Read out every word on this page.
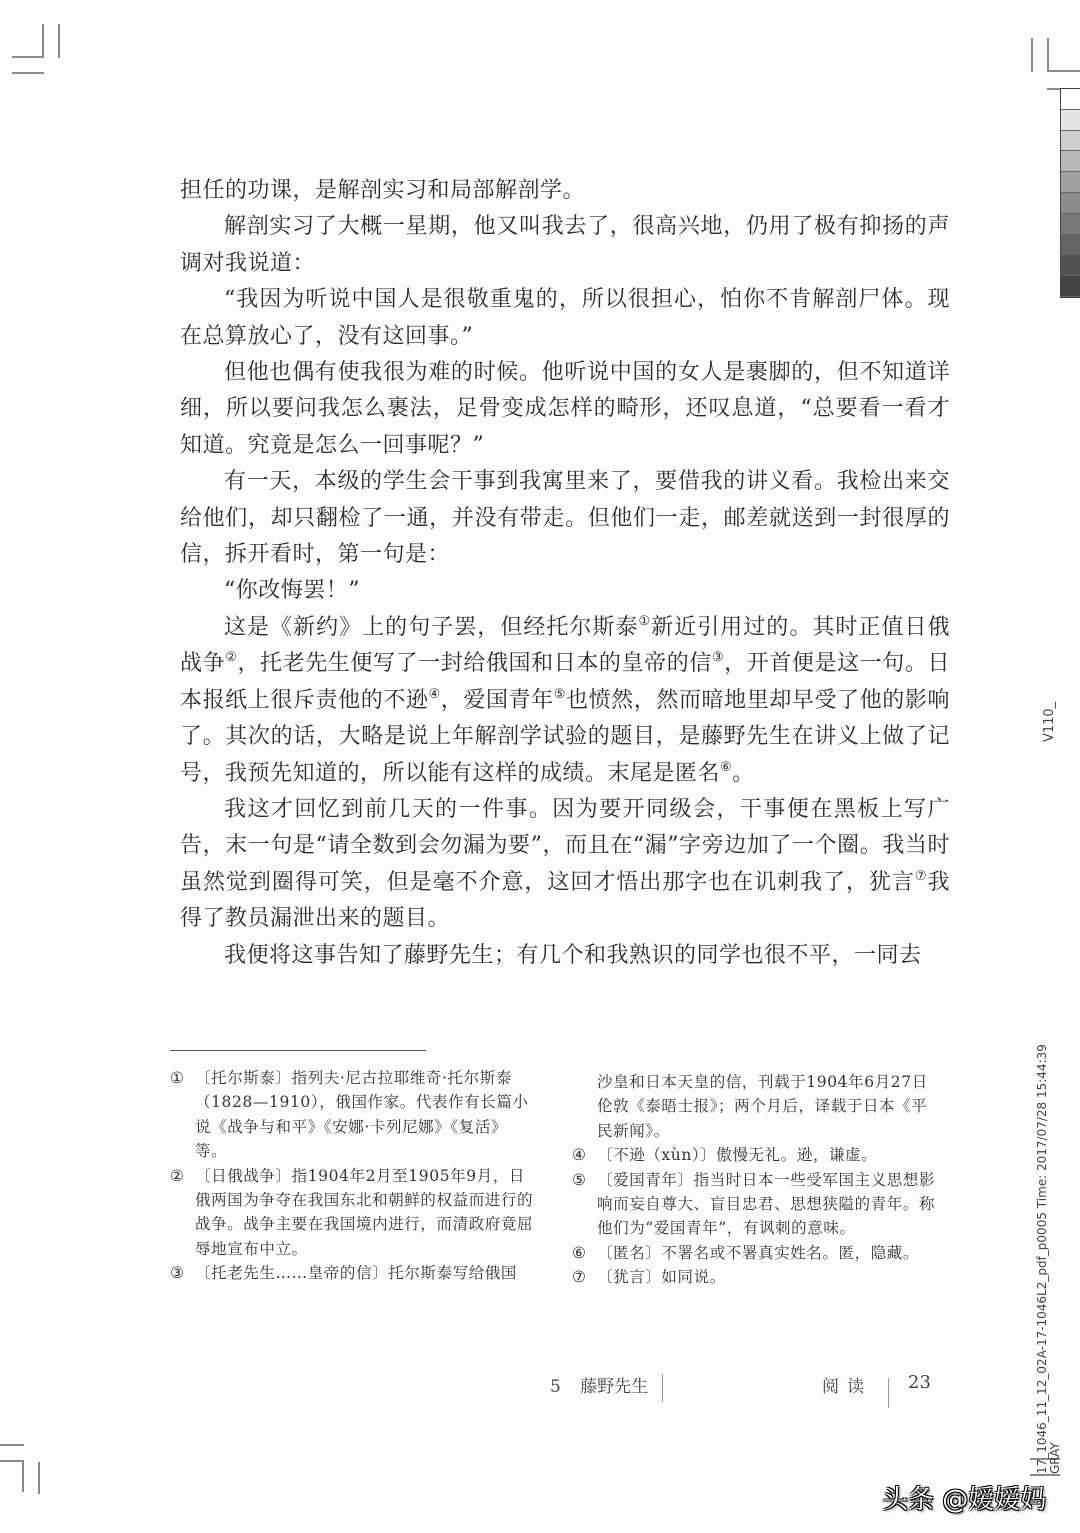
担任的功课，是解剖实习和局部解剖学。

解剖实习了大概一星期，他又叫我去了，很高兴地，仍用了极有抑扬的声调对我说道：

“我因为听说中国人是很敬重鬼的，所以很担心，怕你不肯解剖尸体。现在总算放心了，没有这回事。”

但他也偶有使我很为难的时候。他听说中国的女人是裹脚的，但不知道详细，所以要问我怎么裹法，足骨变成怎样的畸形，还叹息道，“总要看一看才知道。究竟是怎么一回事呢？”

有一天，本级的学生会干事到我寓里来了，要借我的讲义看。我检出来交给他们，却只翻检了一通，并没有带走。但他们一走，邮差就送到一封很厚的信，拆开看时，第一句是：

“你改悔罢！”

这是《新约》上的句子罢，但经托尔斯泰①新近引用过的。其时正值日俄战争②，托老先生便写了一封给俄国和日本的皇帝的信③，开首便是这一句。日本报纸上很斥责他的不逊④，爱国青年⑤也愤然，然而暗地里却早受了他的影响了。其次的话，大略是说上年解剖学试验的题目，是藤野先生在讲义上做了记号，我预先知道的，所以能有这样的成绩。末尾是匿名⑥。

我这才回忆到前几天的一件事。因为要开同级会，干事便在黑板上写广告，末一句是“请全数到会勿漏为要”，而且在“漏”字旁边加了一个圈。我当时虽然觉到圈得可笑，但是毫不介意，这回才悟出那字也在讥刺我了，犹言⑦我得了教员漏泄出来的题目。

我便将这事告知了藤野先生；有几个和我熟识的同学也很不平，一同去

① 〔托尔斯泰〕指列夫·尼古拉耶维奇·托尔斯泰（1828—1910），俄国作家。代表作有长篇小说《战争与和平》《安娜·卡列尼娜》《复活》等。

② 〔日俄战争〕指1904年2月至1905年9月，日俄两国为争夺在我国东北和朝鲜的权益而进行的战争。战争主要在我国境内进行，而清政府竟屈辱地宣布中立。

③ 〔托老先生……皇帝的信〕托尔斯泰写给俄国

沙皇和日本天皇的信，刊载于1904年6月27日伦敦《泰晤士报》；两个月后，译载于日本《平民新闻》。

④ 〔不逊（xùn）〕傲慢无礼。逊，谦虚。

⑤ 〔爱国青年〕指当时日本一些受军国主义思想影响而妄自尊大、盲目忠君、思想狭隘的青年。称他们为“爱国青年”，有讽刺的意味。

⑥ 〔匿名〕不署名或不署真实姓名。匿，隐藏。

⑦ 〔犹言〕如同说。

5 藤野先生	阅读 23
V110_
17_1046_11_12_02A-17-1046L2_pdf_p0005 Time: 2017/07/28 15:44:39 GRAY
头条 @嫒嫒妈
